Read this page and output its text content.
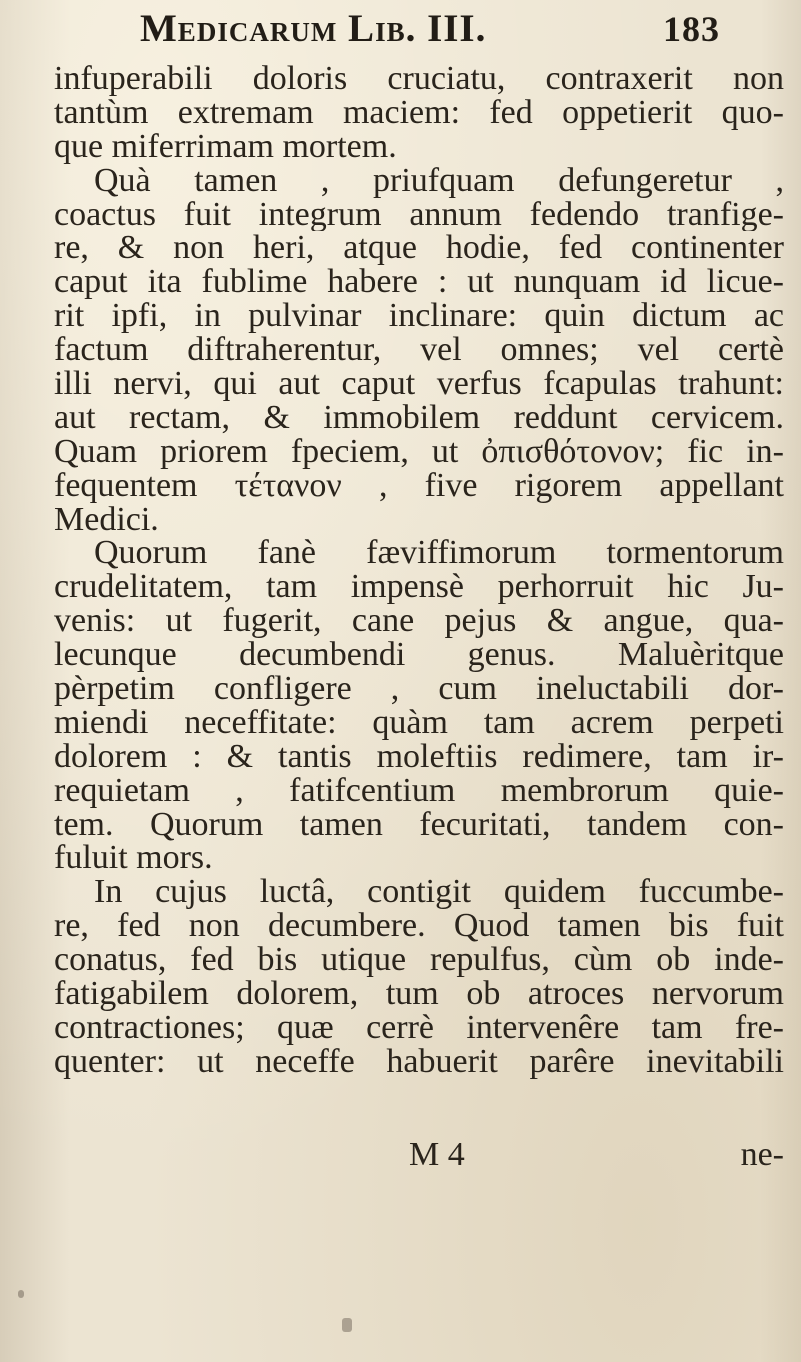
Medicarum Lib. III.	183
infuperabili doloris cruciatu, contraxerit non
tantùm extremam maciem: fed oppetierit quo-
que miferrimam mortem.
Quà tamen , priufquam defungeretur ,
coactus fuit integrum annum fedendo tranfige-
re, & non heri, atque hodie, fed continenter
caput ita fublime habere : ut nunquam id licue-
rit ipfi, in pulvinar inclinare: quin dictum ac
factum diftraherentur, vel omnes; vel certè
illi nervi, qui aut caput verfus fcapulas trahunt:
aut rectam, & immobilem reddunt cervicem.
Quam priorem fpeciem, ut ὀπισθότονον; fic in-
fequentem τέτανον , five rigorem appellant
Medici.
Quorum fanè fæviffimorum tormentorum
crudelitatem, tam impensè perhorruit hic Ju-
venis: ut fugerit, cane pejus & angue, qua-
lecunque decumbendi genus. Maluèritque
pèrpetim confligere , cum ineluctabili dor-
miendi neceffitate: quàm tam acrem perpeti
dolorem : & tantis moleftiis redimere, tam ir-
requietam , fatifcentium membrorum quie-
tem. Quorum tamen fecuritati, tandem con-
fuluit mors.
In cujus luctâ, contigit quidem fuccumbe-
re, fed non decumbere. Quod tamen bis fuit
conatus, fed bis utique repulfus, cùm ob inde-
fatigabilem dolorem, tum ob atroces nervorum
contractiones; quæ cerrè intervenêre tam fre-
quenter: ut neceffe habuerit parêre inevitabili
M 4	ne-
